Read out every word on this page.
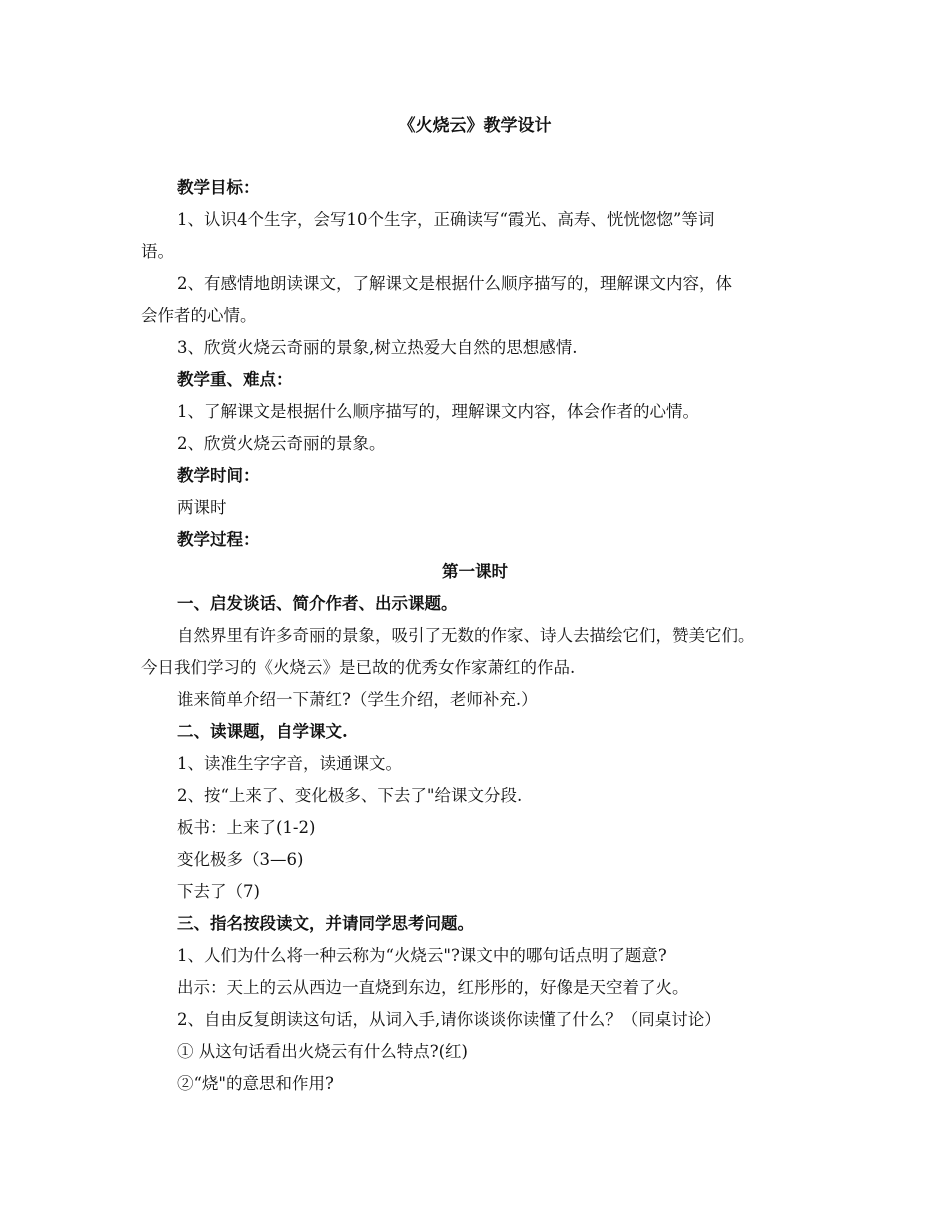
《火烧云》教学设计
教学目标：
1、认识4个生字，会写10个生字，正确读写“霞光、高寿、恍恍惚惚”等词
语。
2、有感情地朗读课文，了解课文是根据什么顺序描写的，理解课文内容，体
会作者的心情。
3、欣赏火烧云奇丽的景象,树立热爱大自然的思想感情.
教学重、难点：
1、了解课文是根据什么顺序描写的，理解课文内容，体会作者的心情。
2、欣赏火烧云奇丽的景象。
教学时间：
两课时
教学过程：
第一课时
一、启发谈话、简介作者、出示课题。
自然界里有许多奇丽的景象，吸引了无数的作家、诗人去描绘它们，赞美它们。
今日我们学习的《火烧云》是已故的优秀女作家萧红的作品.
谁来简单介绍一下萧红?（学生介绍，老师补充.）
二、读课题，自学课文.
1、读准生字字音，读通课文。
2、按“上来了、变化极多、下去了"给课文分段.
板书：上来了(1-2)
变化极多（3—6)
下去了（7)
三、指名按段读文，并请同学思考问题。
1、人们为什么将一种云称为“火烧云"?课文中的哪句话点明了题意?
出示：天上的云从西边一直烧到东边，红彤彤的，好像是天空着了火。
2、自由反复朗读这句话，从词入手,请你谈谈你读懂了什么？（同桌讨论）
① 从这句话看出火烧云有什么特点?(红)
②“烧"的意思和作用?
